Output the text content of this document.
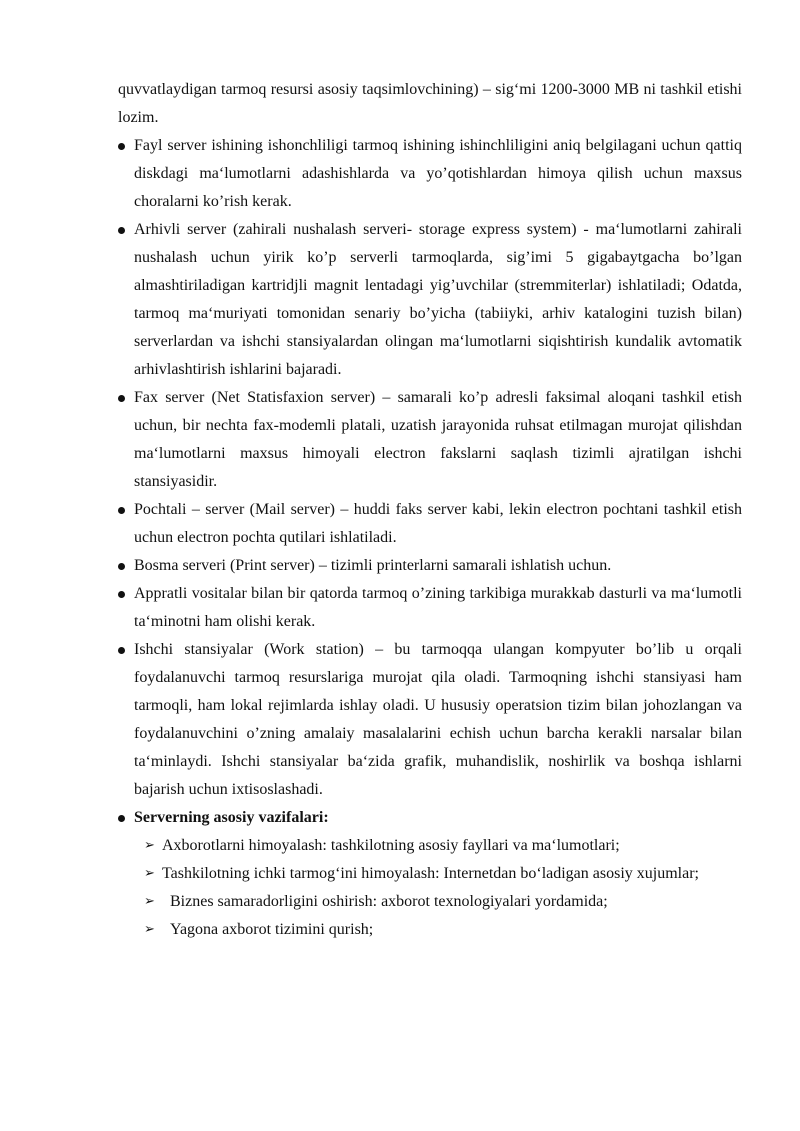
quvvatlaydigan tarmoq resursi asosiy taqsimlovchining) – sig‘mi 1200-3000 MB ni tashkil etishi lozim.

Fayl server ishining ishonchliligi tarmoq ishining ishinchliligini aniq belgilagani uchun qattiq diskdagi ma‘lumotlarni adashishlarda va yo’qotishlardan himoya qilish uchun maxsus choralarni ko’rish kerak.
Arhivli server (zahirali nushalash serveri- storage express system) - ma‘lumotlarni zahirali nushalash uchun yirik ko’p serverli tarmoqlarda, sig’imi 5 gigabaytgacha bo’lgan almashtiriladigan kartridjli magnit lentadagi yig’uvchilar (stremmiterlar) ishlatiladi; Odatda, tarmoq ma‘muriyati tomonidan senariy bo’yicha (tabiiyki, arhiv katalogini tuzish bilan) serverlardan va ishchi stansiyalardan olingan ma‘lumotlarni siqishtirish kundalik avtomatik arhivlashtirish ishlarini bajaradi.
Fax server (Net Statisfaxion server) – samarali ko’p adresli faksimal aloqani tashkil etish uchun, bir nechta fax-modemli platali, uzatish jarayonida ruhsat etilmagan murojat qilishdan ma‘lumotlarni maxsus himoyali electron fakslarni saqlash tizimli ajratilgan ishchi stansiyasidir.
Pochtali – server (Mail server) – huddi faks server kabi, lekin electron pochtani tashkil etish uchun electron pochta qutilari ishlatiladi.
Bosma serveri (Print server) – tizimli printerlarni samarali ishlatish uchun.
Appratli vositalar bilan bir qatorda tarmoq o’zining tarkibiga murakkab dasturli va ma‘lumotli ta‘minotni ham olishi kerak.
Ishchi stansiyalar (Work station) – bu tarmoqqa ulangan kompyuter bo’lib u orqali foydalanuvchi tarmoq resurslariga murojat qila oladi. Tarmoqning ishchi stansiyasi ham tarmoqli, ham lokal rejimlarda ishlay oladi. U hususiy operatsion tizim bilan johozlangan va foydalanuvchini o’zning amalaiy masalalarini echish uchun barcha kerakli narsalar bilan ta‘minlaydi. Ishchi stansiyalar ba‘zida grafik, muhandislik, noshirlik va boshqa ishlarni bajarish uchun ixtisoslashadi.
Serverning asosiy vazifalari:
➢ Axborotlarni himoyalash: tashkilotning asosiy fayllari va ma‘lumotlari;
➢ Tashkilotning ichki tarmog‘ini himoyalash: Internetdan bo‘ladigan asosiy xujumlar;
➢ Biznes samaradorligini oshirish: axborot texnologiyalari yordamida;
➢ Yagona axborot tizimini qurish;
